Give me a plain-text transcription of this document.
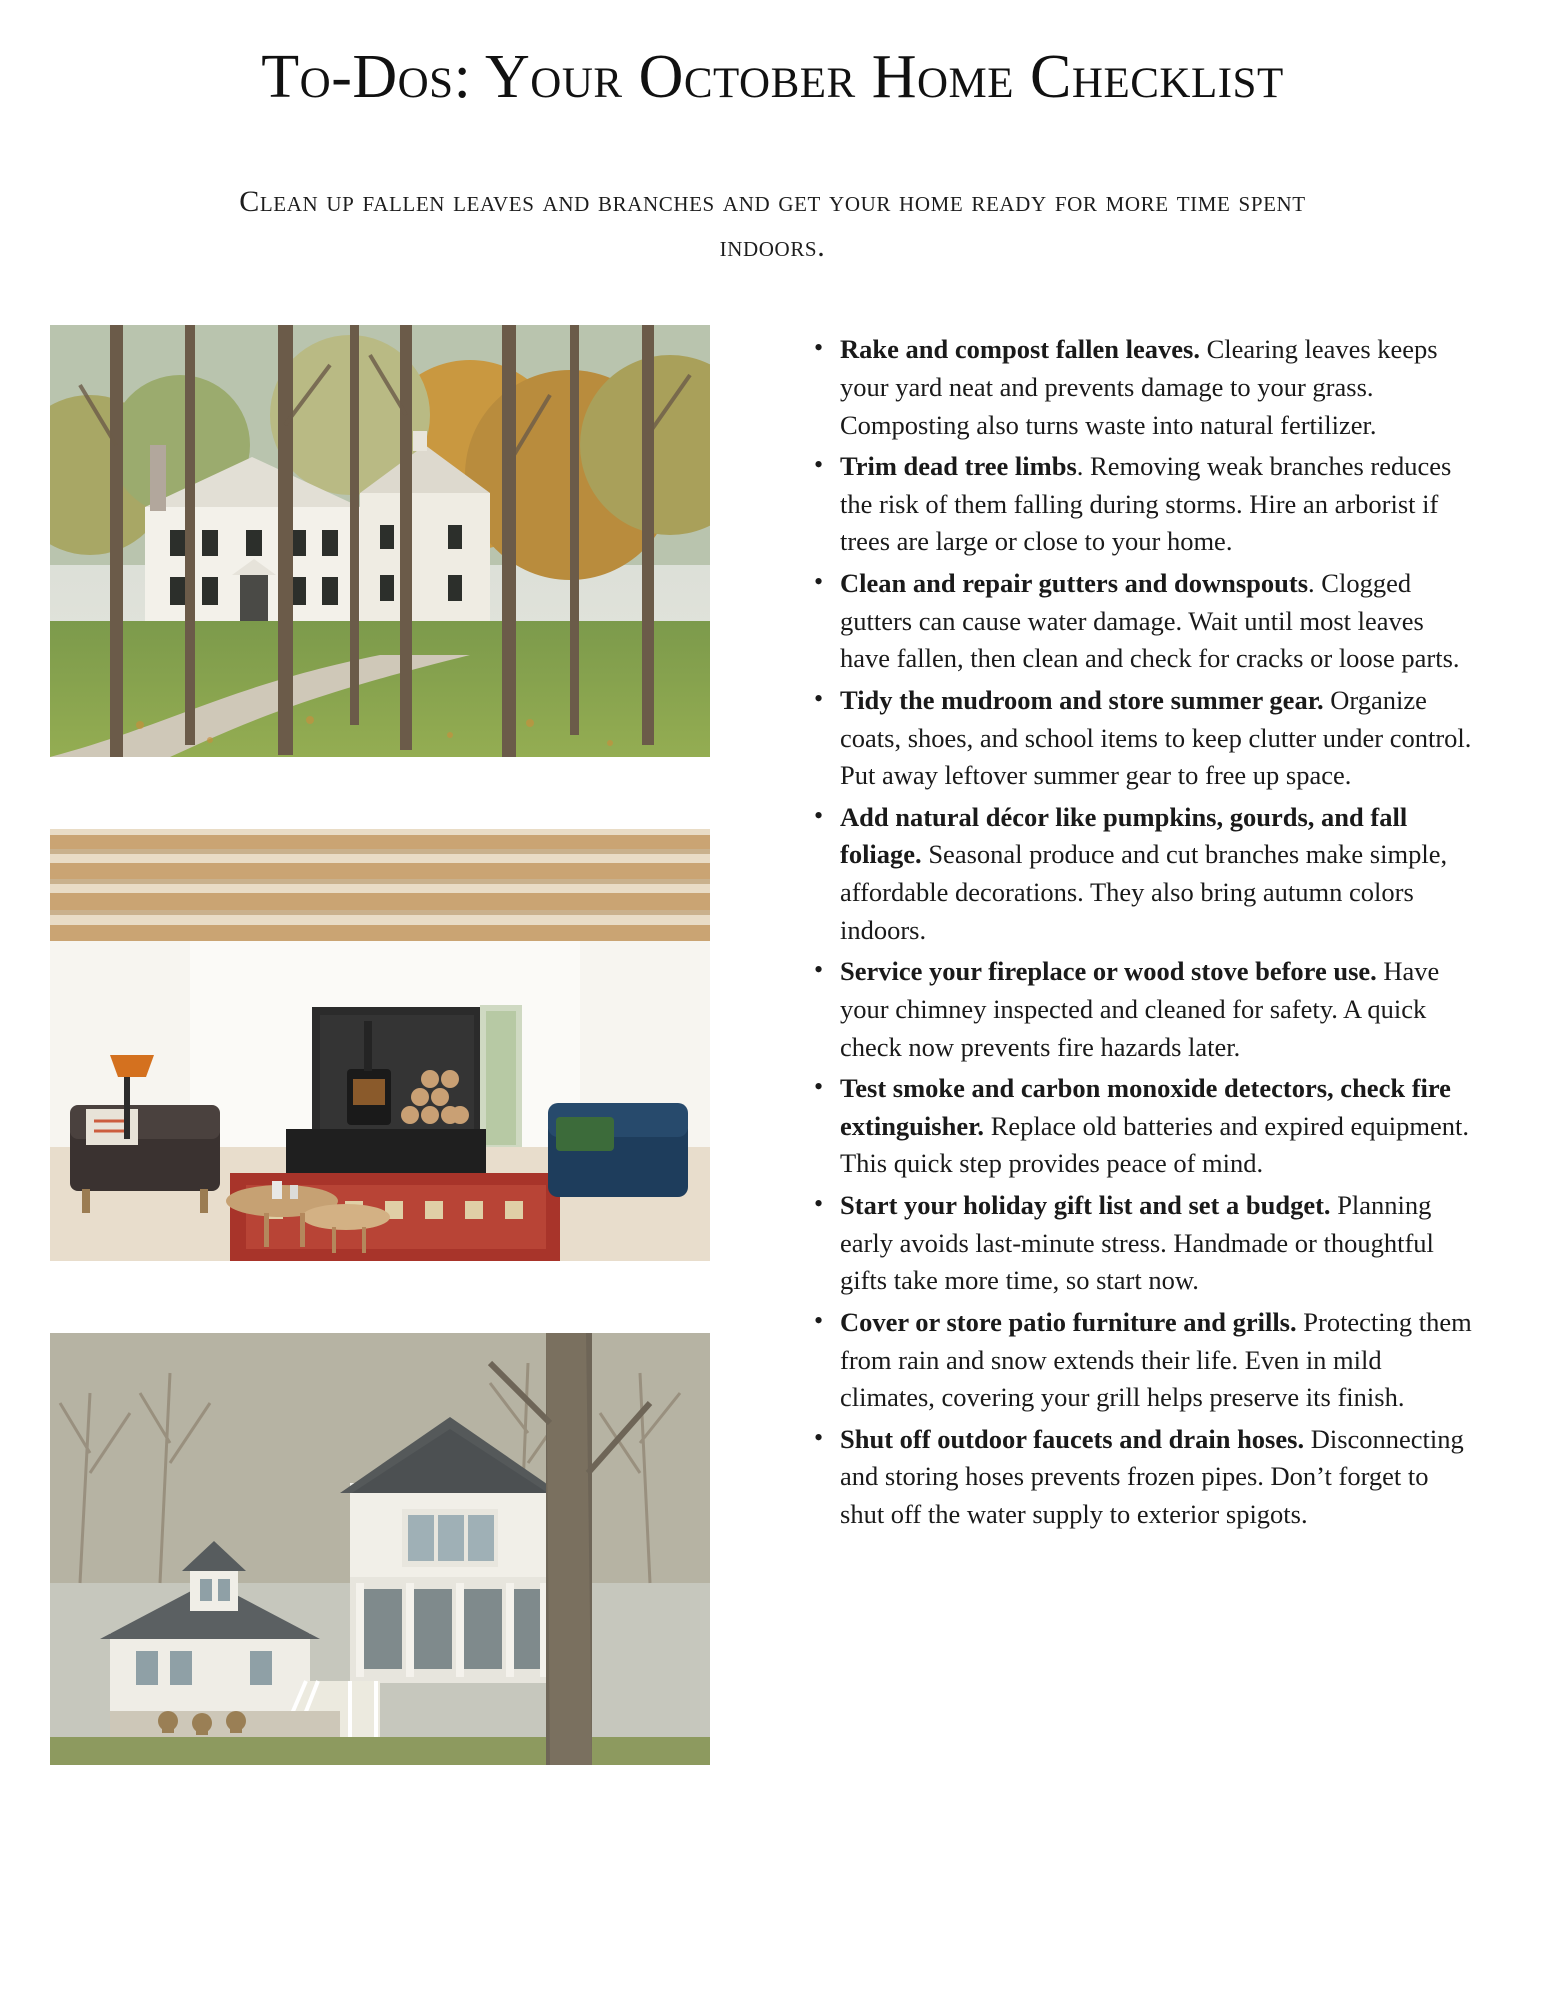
To-Dos: Your October Home Checklist
Clean up fallen leaves and branches and get your home ready for more time spent indoors.
• Rake and compost fallen leaves. Clearing leaves keeps your yard neat and prevents damage to your grass. Composting also turns waste into natural fertilizer.
• Trim dead tree limbs. Removing weak branches reduces the risk of them falling during storms. Hire an arborist if trees are large or close to your home.
• Clean and repair gutters and downspouts. Clogged gutters can cause water damage. Wait until most leaves have fallen, then clean and check for cracks or loose parts.
• Tidy the mudroom and store summer gear. Organize coats, shoes, and school items to keep clutter under control. Put away leftover summer gear to free up space.
• Add natural décor like pumpkins, gourds, and fall foliage. Seasonal produce and cut branches make simple, affordable decorations. They also bring autumn colors indoors.
• Service your fireplace or wood stove before use. Have your chimney inspected and cleaned for safety. A quick check now prevents fire hazards later.
• Test smoke and carbon monoxide detectors, check fire extinguisher. Replace old batteries and expired equipment. This quick step provides peace of mind.
• Start your holiday gift list and set a budget. Planning early avoids last-minute stress. Handmade or thoughtful gifts take more time, so start now.
• Cover or store patio furniture and grills. Protecting them from rain and snow extends their life. Even in mild climates, covering your grill helps preserve its finish.
• Shut off outdoor faucets and drain hoses. Disconnecting and storing hoses prevents frozen pipes. Don’t forget to shut off the water supply to exterior spigots.
